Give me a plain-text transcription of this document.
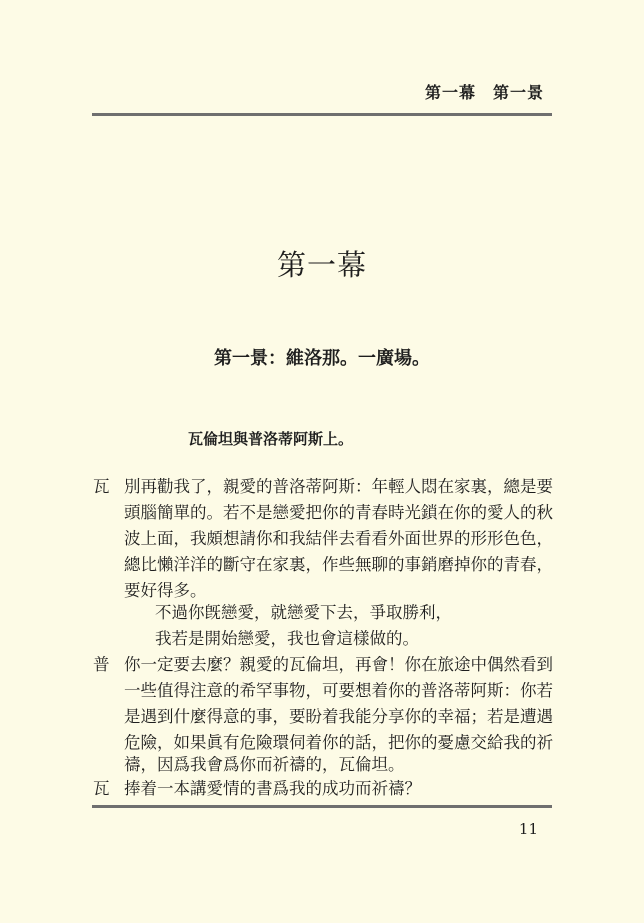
第一幕　第一景
第一幕
第一景：維洛那。一廣場。
瓦倫坦與普洛蒂阿斯上。
瓦 別再勸我了，親愛的普洛蒂阿斯：年輕人悶在家裏，總是要
頭腦簡單的。若不是戀愛把你的青春時光鎖在你的愛人的秋
波上面，我頗想請你和我結伴去看看外面世界的形形色色，
總比懶洋洋的斷守在家裏，作些無聊的事銷磨掉你的青春，
要好得多。
不過你旣戀愛，就戀愛下去，爭取勝利，
我若是開始戀愛，我也會這樣做的。
普 你一定要去麼？親愛的瓦倫坦，再會！你在旅途中偶然看到
一些值得注意的希罕事物，可要想着你的普洛蒂阿斯：你若
是遇到什麼得意的事，要盼着我能分享你的幸福；若是遭遇
危險，如果眞有危險環伺着你的話，把你的憂慮交給我的祈
禱，因爲我會爲你而祈禱的，瓦倫坦。
瓦 捧着一本講愛情的書爲我的成功而祈禱？
11
